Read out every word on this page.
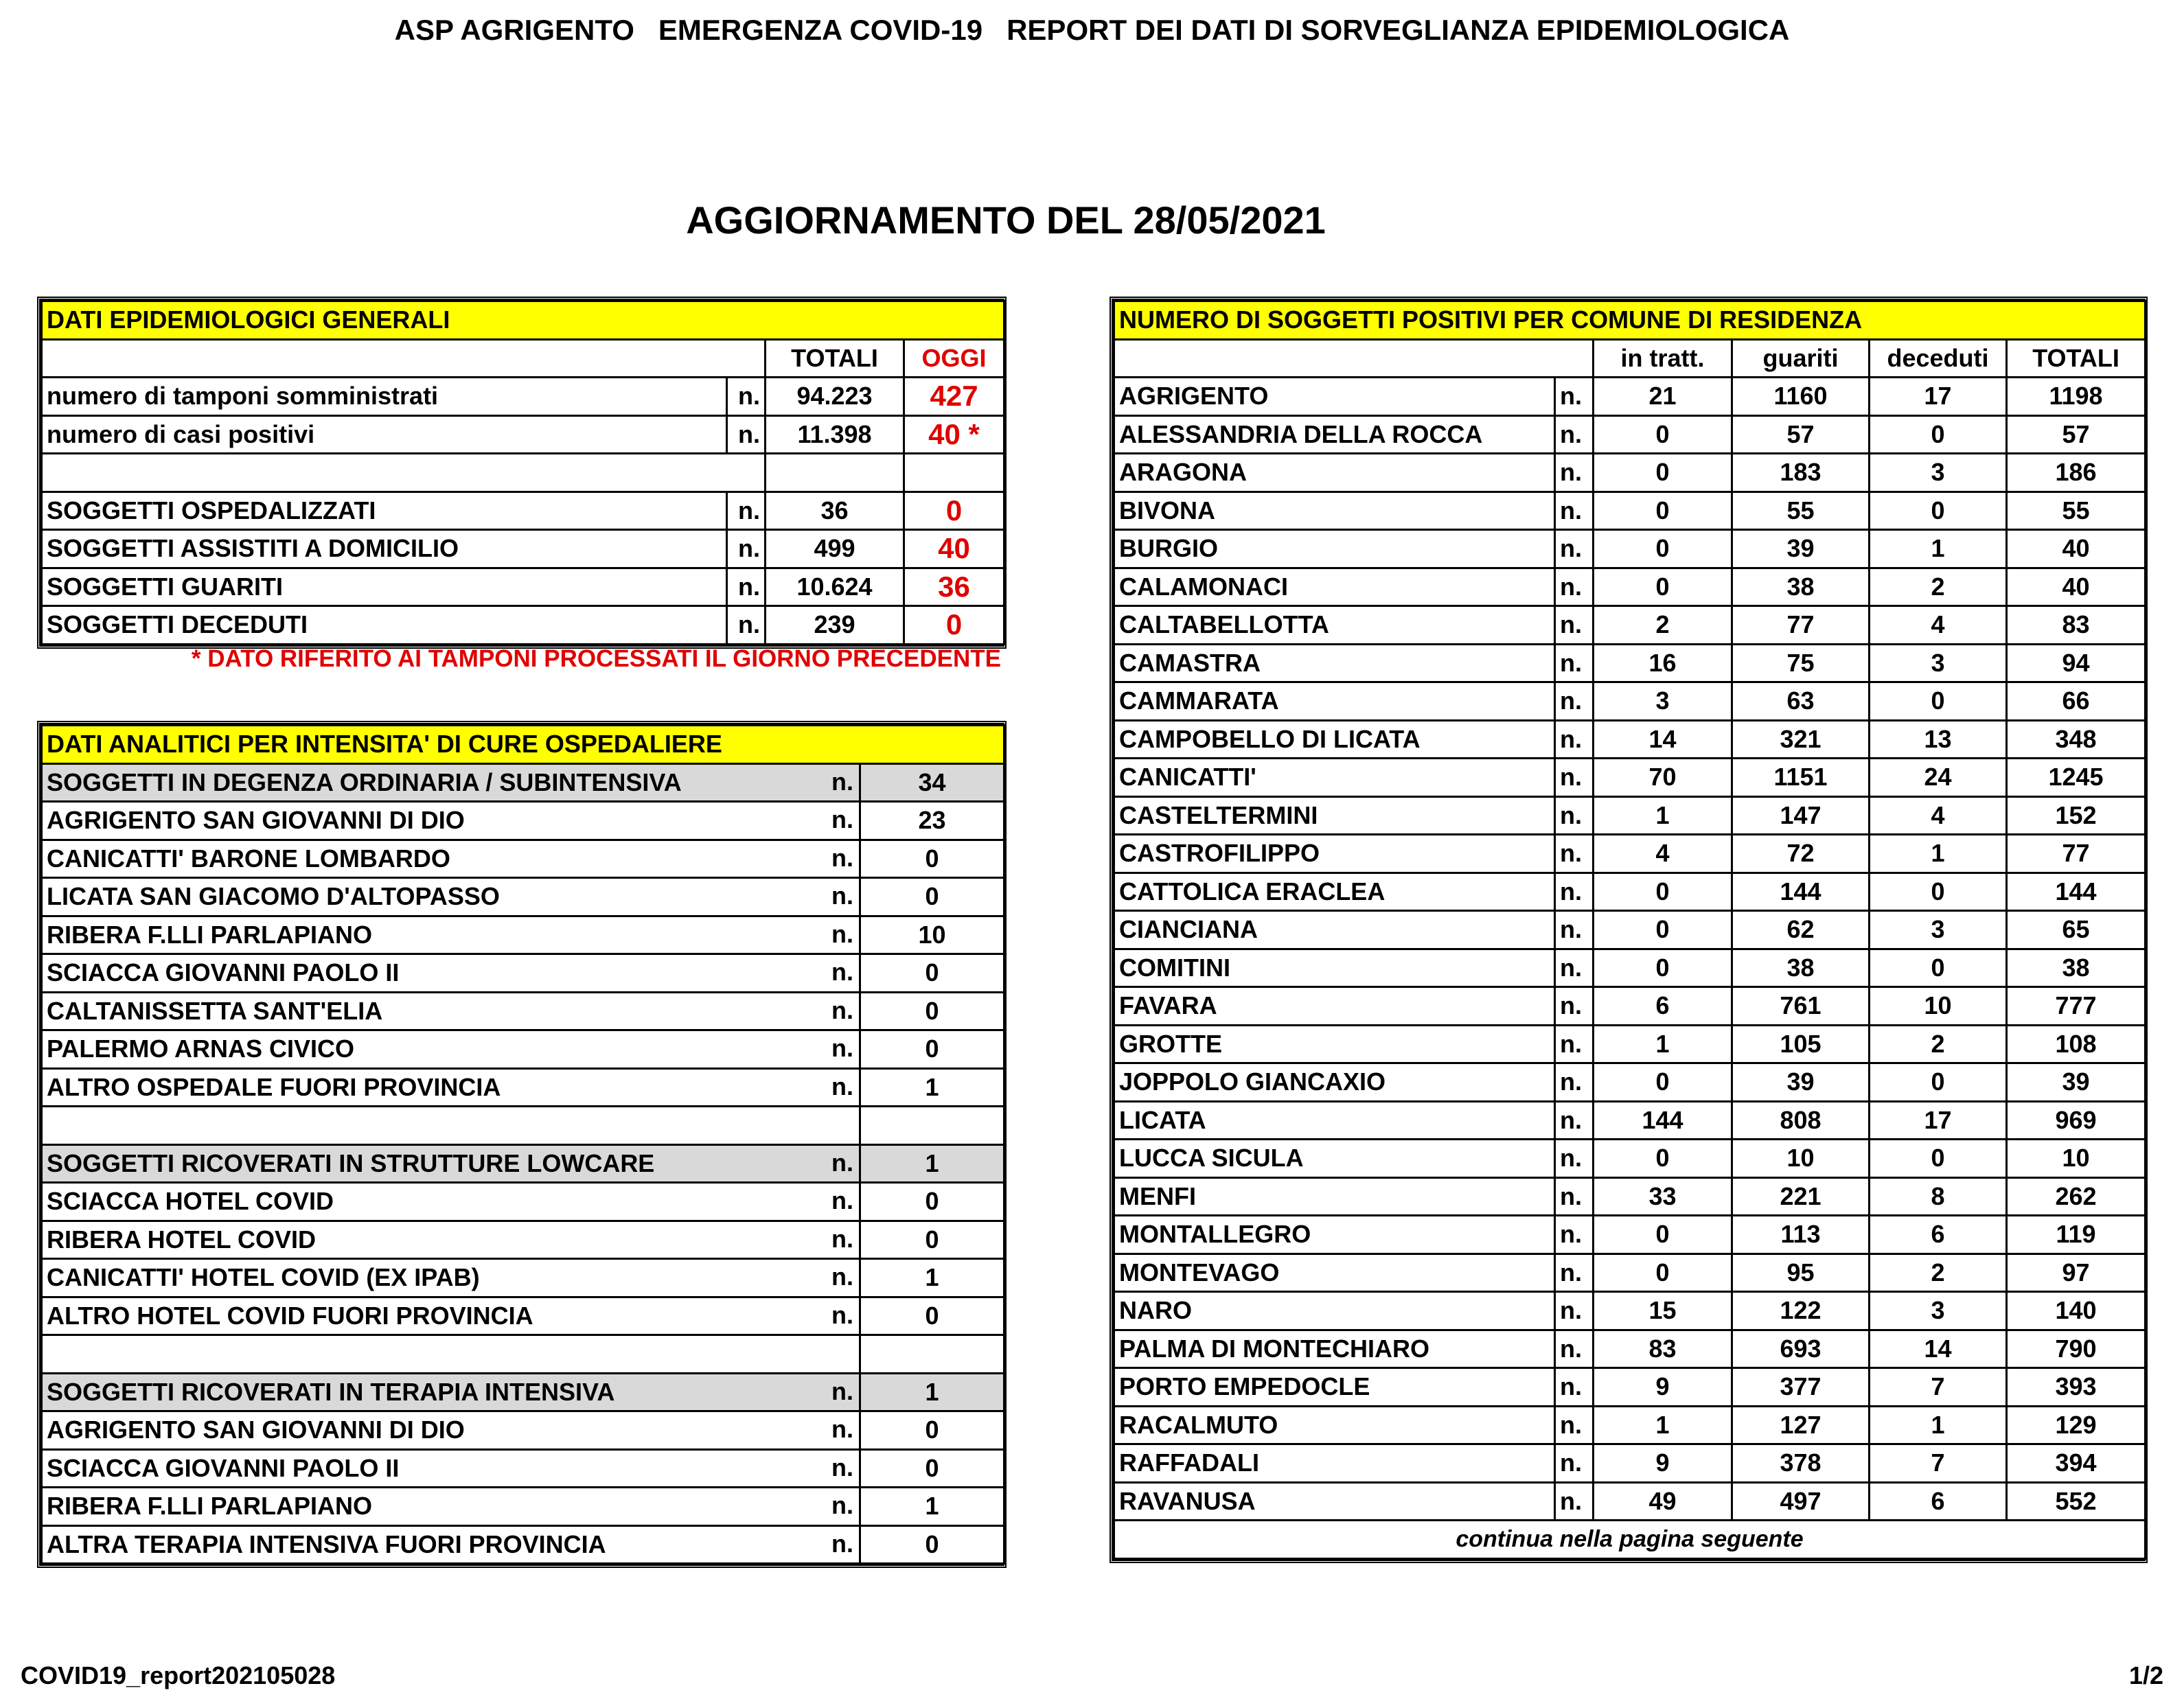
ASP AGRIGENTO   EMERGENZA COVID-19   REPORT DEI DATI DI SORVEGLIANZA EPIDEMIOLOGICA
AGGIORNAMENTO DEL 28/05/2021
DATI EPIDEMIOLOGICI GENERALI			
		TOTALI	OGGI
numero di tamponi somministrati	n.	94.223	427
numero di casi positivi	n.	11.398	40 *

SOGGETTI OSPEDALIZZATI	n.	36	0
SOGGETTI ASSISTITI A DOMICILIO	n.	499	40
SOGGETTI GUARITI	n.	10.624	36
SOGGETTI DECEDUTI	n.	239	0
* DATO RIFERITO AI TAMPONI PROCESSATI IL GIORNO PRECEDENTE
DATI ANALITICI PER INTENSITA' DI CURE OSPEDALIERE	
SOGGETTI IN DEGENZA ORDINARIA / SUBINTENSIVA n.	34
AGRIGENTO SAN GIOVANNI DI DIO n.	23
CANICATTI' BARONE LOMBARDO n.	0
LICATA SAN GIACOMO D'ALTOPASSO n.	0
RIBERA F.LLI PARLAPIANO n.	10
SCIACCA GIOVANNI PAOLO II n.	0
CALTANISSETTA SANT'ELIA n.	0
PALERMO ARNAS CIVICO n.	0
ALTRO OSPEDALE FUORI PROVINCIA n.	1

SOGGETTI RICOVERATI IN STRUTTURE LOWCARE n.	1
SCIACCA HOTEL COVID n.	0
RIBERA HOTEL COVID n.	0
CANICATTI' HOTEL COVID (EX IPAB) n.	1
ALTRO HOTEL COVID FUORI PROVINCIA n.	0

SOGGETTI RICOVERATI IN TERAPIA INTENSIVA n.	1
AGRIGENTO SAN GIOVANNI DI DIO n.	0
SCIACCA GIOVANNI PAOLO II n.	0
RIBERA F.LLI PARLAPIANO n.	1
ALTRA TERAPIA INTENSIVA FUORI PROVINCIA n.	0
NUMERO DI SOGGETTI POSITIVI PER COMUNE DI RESIDENZA					
		in tratt.	guariti	deceduti	TOTALI
AGRIGENTO	n.	21	1160	17	1198
ALESSANDRIA DELLA ROCCA	n.	0	57	0	57
ARAGONA	n.	0	183	3	186
BIVONA	n.	0	55	0	55
BURGIO	n.	0	39	1	40
CALAMONACI	n.	0	38	2	40
CALTABELLOTTA	n.	2	77	4	83
CAMASTRA	n.	16	75	3	94
CAMMARATA	n.	3	63	0	66
CAMPOBELLO DI LICATA	n.	14	321	13	348
CANICATTI'	n.	70	1151	24	1245
CASTELTERMINI	n.	1	147	4	152
CASTROFILIPPO	n.	4	72	1	77
CATTOLICA ERACLEA	n.	0	144	0	144
CIANCIANA	n.	0	62	3	65
COMITINI	n.	0	38	0	38
FAVARA	n.	6	761	10	777
GROTTE	n.	1	105	2	108
JOPPOLO GIANCAXIO	n.	0	39	0	39
LICATA	n.	144	808	17	969
LUCCA SICULA	n.	0	10	0	10
MENFI	n.	33	221	8	262
MONTALLEGRO	n.	0	113	6	119
MONTEVAGO	n.	0	95	2	97
NARO	n.	15	122	3	140
PALMA DI MONTECHIARO	n.	83	693	14	790
PORTO EMPEDOCLE	n.	9	377	7	393
RACALMUTO	n.	1	127	1	129
RAFFADALI	n.	9	378	7	394
RAVANUSA	n.	49	497	6	552
continua nella pagina seguente					
COVID19_report202105028	1/2
